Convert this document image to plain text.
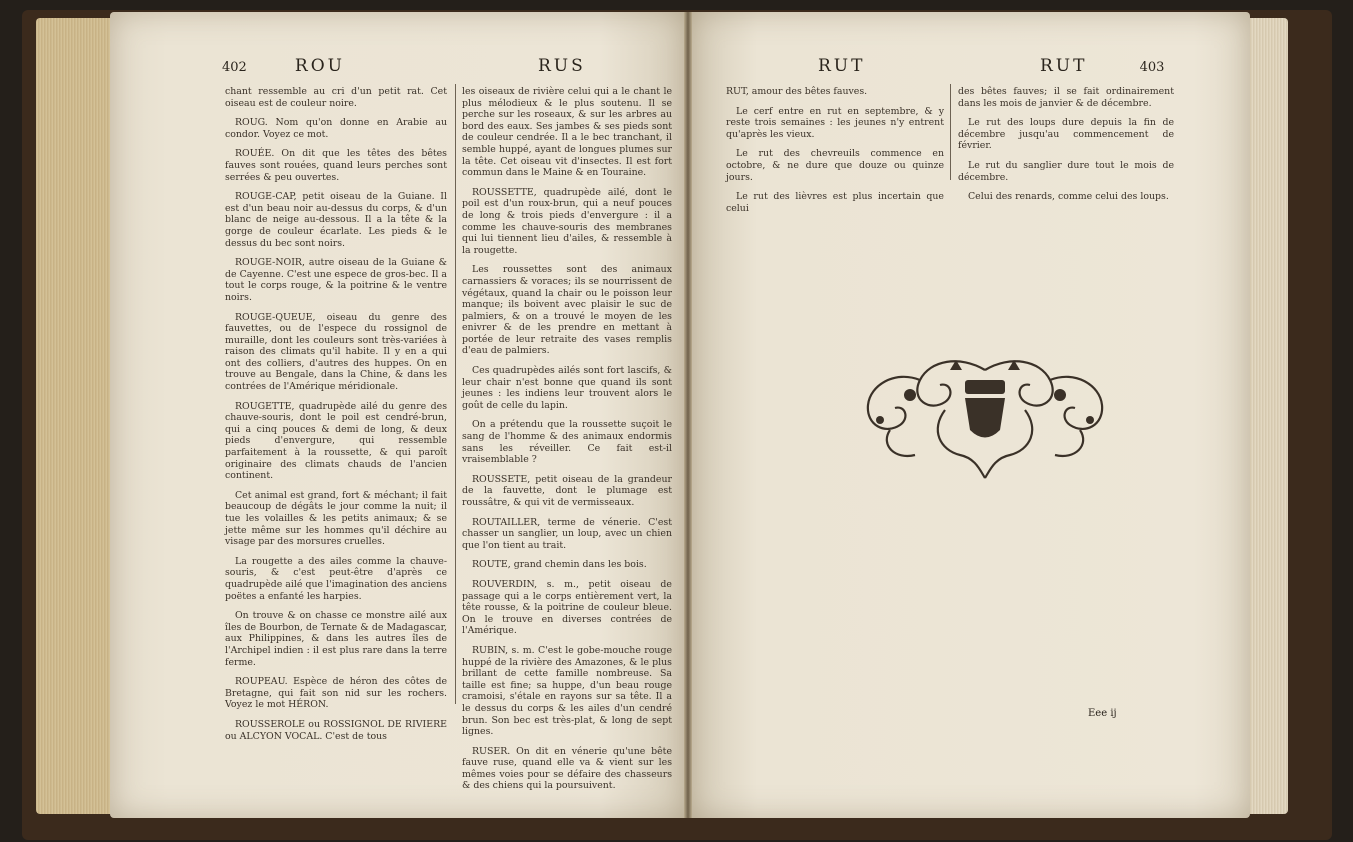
402	ROU	RUS	RUT	RUT	403

chant ressemble au cri d'un petit rat. Cet oiseau est de couleur noire.

ROUG. Nom qu'on donne en Arabie au condor. Voyez ce mot.

ROUÉE. On dit que les têtes des bêtes fauves sont rouées, quand leurs perches sont serrées & peu ouvertes.

ROUGE-CAP, petit oiseau de la Guiane. Il est d'un beau noir au-dessus du corps, & d'un blanc de neige au-dessous. Il a la tête & la gorge de couleur écarlate. Les pieds & le dessus du bec sont noirs.

ROUGE-NOIR, autre oiseau de la Guiane & de Cayenne. C'est une espece de gros-bec. Il a tout le corps rouge, & la poitrine & le ventre noirs.

ROUGE-QUEUE, oiseau du genre des fauvettes, ou de l'espece du rossignol de muraille, dont les couleurs sont très-variées à raison des climats qu'il habite. Il y en a qui ont des colliers, d'autres des huppes. On en trouve au Bengale, dans la Chine, & dans les contrées de l'Amérique méridionale.

ROUGETTE, quadrupède ailé du genre des chauve-souris, dont le poil est cendré-brun, qui a cinq pouces & demi de long, & deux pieds d'envergure, qui ressemble parfaitement à la roussette, & qui paroît originaire des climats chauds de l'ancien continent.

Cet animal est grand, fort & méchant; il fait beaucoup de dégâts le jour comme la nuit; il tue les volailles & les petits animaux; & se jette même sur les hommes qu'il déchire au visage par des morsures cruelles.

La rougette a des ailes comme la chauve-souris, & c'est peut-être d'après ce quadrupède ailé que l'imagination des anciens poëtes a enfanté les harpies.

On trouve & on chasse ce monstre ailé aux îles de Bourbon, de Ternate & de Madagascar, aux Philippines, & dans les autres îles de l'Archipel indien : il est plus rare dans la terre ferme.

ROUPEAU. Espèce de héron des côtes de Bretagne, qui fait son nid sur les rochers. Voyez le mot HÉRON.

ROUSSEROLE ou ROSSIGNOL DE RIVIERE ou ALCYON VOCAL. C'est de tous

les oiseaux de rivière celui qui a le chant le plus mélodieux & le plus soutenu. Il se perche sur les roseaux, & sur les arbres au bord des eaux. Ses jambes & ses pieds sont de couleur cendrée. Il a le bec tranchant, il semble huppé, ayant de longues plumes sur la tête. Cet oiseau vit d'insectes. Il est fort commun dans le Maine & en Touraine.

ROUSSETTE, quadrupède ailé, dont le poil est d'un roux-brun, qui a neuf pouces de long & trois pieds d'envergure : il a comme les chauve-souris des membranes qui lui tiennent lieu d'ailes, & ressemble à la rougette.

Les roussettes sont des animaux carnassiers & voraces; ils se nourrissent de végétaux, quand la chair ou le poisson leur manque; ils boivent avec plaisir le suc de palmiers, & on a trouvé le moyen de les enivrer & de les prendre en mettant à portée de leur retraite des vases remplis d'eau de palmiers.

Ces quadrupèdes ailés sont fort lascifs, & leur chair n'est bonne que quand ils sont jeunes : les indiens leur trouvent alors le goût de celle du lapin.

On a prétendu que la roussette suçoit le sang de l'homme & des animaux endormis sans les réveiller. Ce fait est-il vraisemblable ?

ROUSSETE, petit oiseau de la grandeur de la fauvette, dont le plumage est roussâtre, & qui vit de vermisseaux.

ROUTAILLER, terme de vénerie. C'est chasser un sanglier, un loup, avec un chien que l'on tient au trait.

ROUTE, grand chemin dans les bois.

ROUVERDIN, s. m., petit oiseau de passage qui a le corps entièrement vert, la tête rousse, & la poitrine de couleur bleue. On le trouve en diverses contrées de l'Amérique.

RUBIN, s. m. C'est le gobe-mouche rouge huppé de la rivière des Amazones, & le plus brillant de cette famille nombreuse. Sa taille est fine; sa huppe, d'un beau rouge cramoisi, s'étale en rayons sur sa tête. Il a le dessus du corps & les ailes d'un cendré brun. Son bec est très-plat, & long de sept lignes.

RUSER. On dit en vénerie qu'une bête fauve ruse, quand elle va & vient sur les mêmes voies pour se défaire des chasseurs & des chiens qui la poursuivent.

RUT, amour des bêtes fauves.

Le cerf entre en rut en septembre, & y reste trois semaines : les jeunes n'y entrent qu'après les vieux.

Le rut des chevreuils commence en octobre, & ne dure que douze ou quinze jours.

Le rut des lièvres est plus incertain que celui

des bêtes fauves; il se fait ordinairement dans les mois de janvier & de décembre.

Le rut des loups dure depuis la fin de décembre jusqu'au commencement de février.

Le rut du sanglier dure tout le mois de décembre.

Celui des renards, comme celui des loups.

Eee ij
